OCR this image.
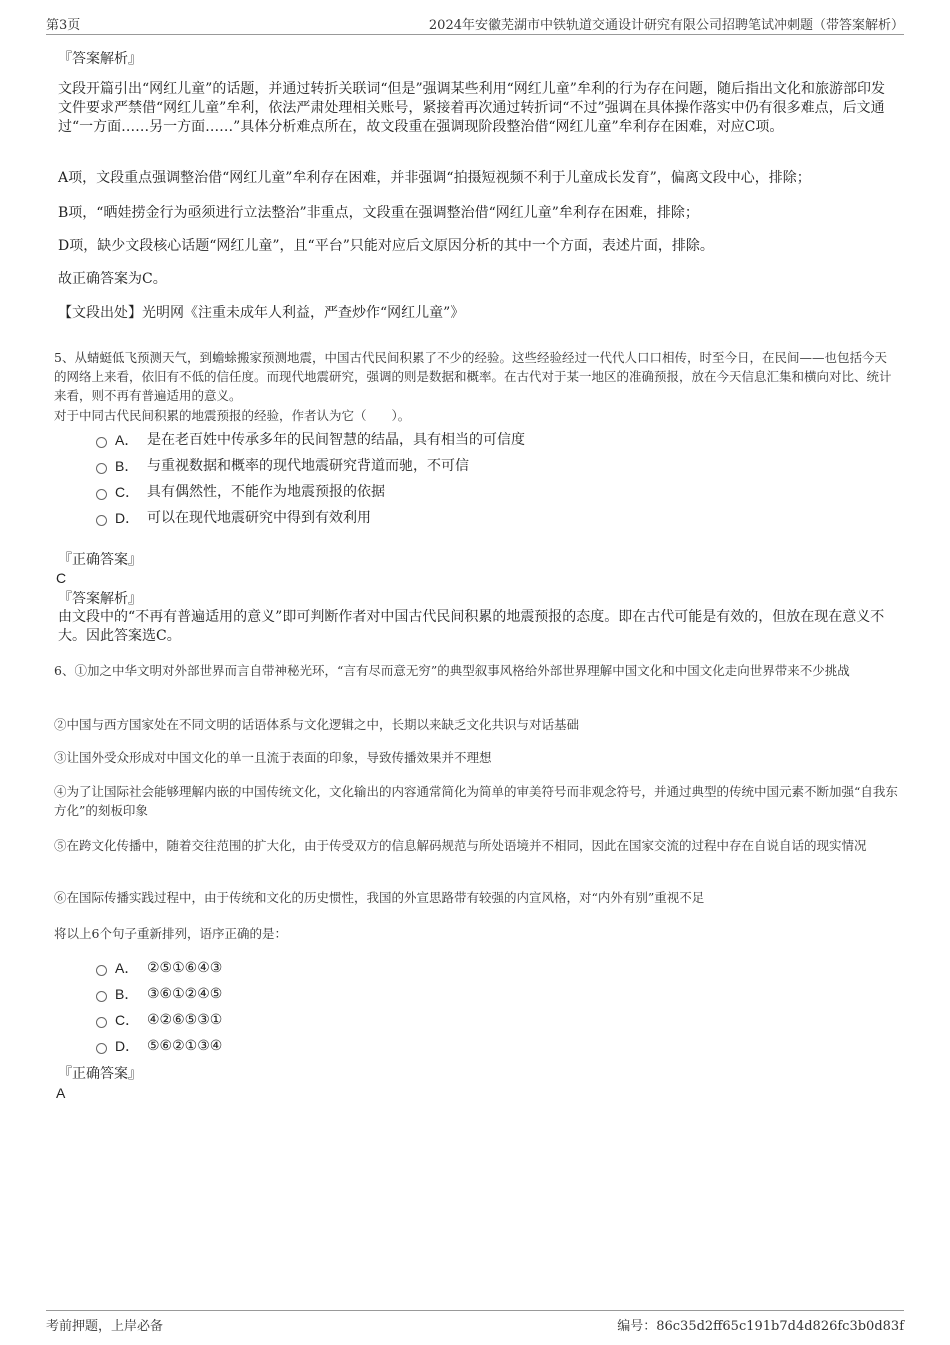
第3页	2024年安徽芜湖市中铁轨道交通设计研究有限公司招聘笔试冲刺题（带答案解析）
『答案解析』
文段开篇引出“网红儿童”的话题，并通过转折关联词“但是”强调某些利用“网红儿童”牟利的行为存在问题，随后指出文化和旅游部印发文件要求严禁借“网红儿童”牟利，依法严肃处理相关账号，紧接着再次通过转折词“不过”强调在具体操作落实中仍有很多难点，后文通过“一方面……另一方面……”具体分析难点所在，故文段重在强调现阶段整治借“网红儿童”牟利存在困难，对应C项。
A项，文段重点强调整治借“网红儿童”牟利存在困难，并非强调“拍摄短视频不利于儿童成长发育”，偏离文段中心，排除；
B项，“晒娃捞金行为亟须进行立法整治”非重点，文段重在强调整治借“网红儿童”牟利存在困难，排除；
D项，缺少文段核心话题“网红儿童”，且“平台”只能对应后文原因分析的其中一个方面，表述片面，排除。
故正确答案为C。
【文段出处】光明网《注重未成年人利益，严查炒作“网红儿童”》
5、从蜻蜓低飞预测天气，到蟾蜍搬家预测地震，中国古代民间积累了不少的经验。这些经验经过一代代人口口相传，时至今日，在民间——也包括今天的网络上来看，依旧有不低的信任度。而现代地震研究，强调的则是数据和概率。在古代对于某一地区的准确预报，放在今天信息汇集和横向对比、统计来看，则不再有普遍适用的意义。
对于中同古代民间积累的地震预报的经验，作者认为它（　　）。
A． 是在老百姓中传承多年的民间智慧的结晶，具有相当的可信度
B． 与重视数据和概率的现代地震研究背道而驰，不可信
C． 具有偶然性，不能作为地震预报的依据
D． 可以在现代地震研究中得到有效利用
『正确答案』
C
『答案解析』
由文段中的“不再有普遍适用的意义”即可判断作者对中国古代民间积累的地震预报的态度。即在古代可能是有效的，但放在现在意义不大。因此答案选C。
6、①加之中华文明对外部世界而言自带神秘光环，“言有尽而意无穷”的典型叙事风格给外部世界理解中国文化和中国文化走向世界带来不少挑战
②中国与西方国家处在不同文明的话语体系与文化逻辑之中，长期以来缺乏文化共识与对话基础
③让国外受众形成对中国文化的单一且流于表面的印象，导致传播效果并不理想
④为了让国际社会能够理解内嵌的中国传统文化，文化输出的内容通常简化为简单的审美符号而非观念符号，并通过典型的传统中国元素不断加强“自我东方化”的刻板印象
⑤在跨文化传播中，随着交往范围的扩大化，由于传受双方的信息解码规范与所处语境并不相同，因此在国家交流的过程中存在自说自话的现实情况
⑥在国际传播实践过程中，由于传统和文化的历史惯性，我国的外宣思路带有较强的内宣风格，对“内外有别”重视不足
将以上6个句子重新排列，语序正确的是：
A． ②⑤①⑥④③
B． ③⑥①②④⑤
C． ④②⑥⑤③①
D． ⑤⑥②①③④
『正确答案』
A
考前押题，上岸必备	编号：86c35d2ff65c191b7d4d826fc3b0d83f
